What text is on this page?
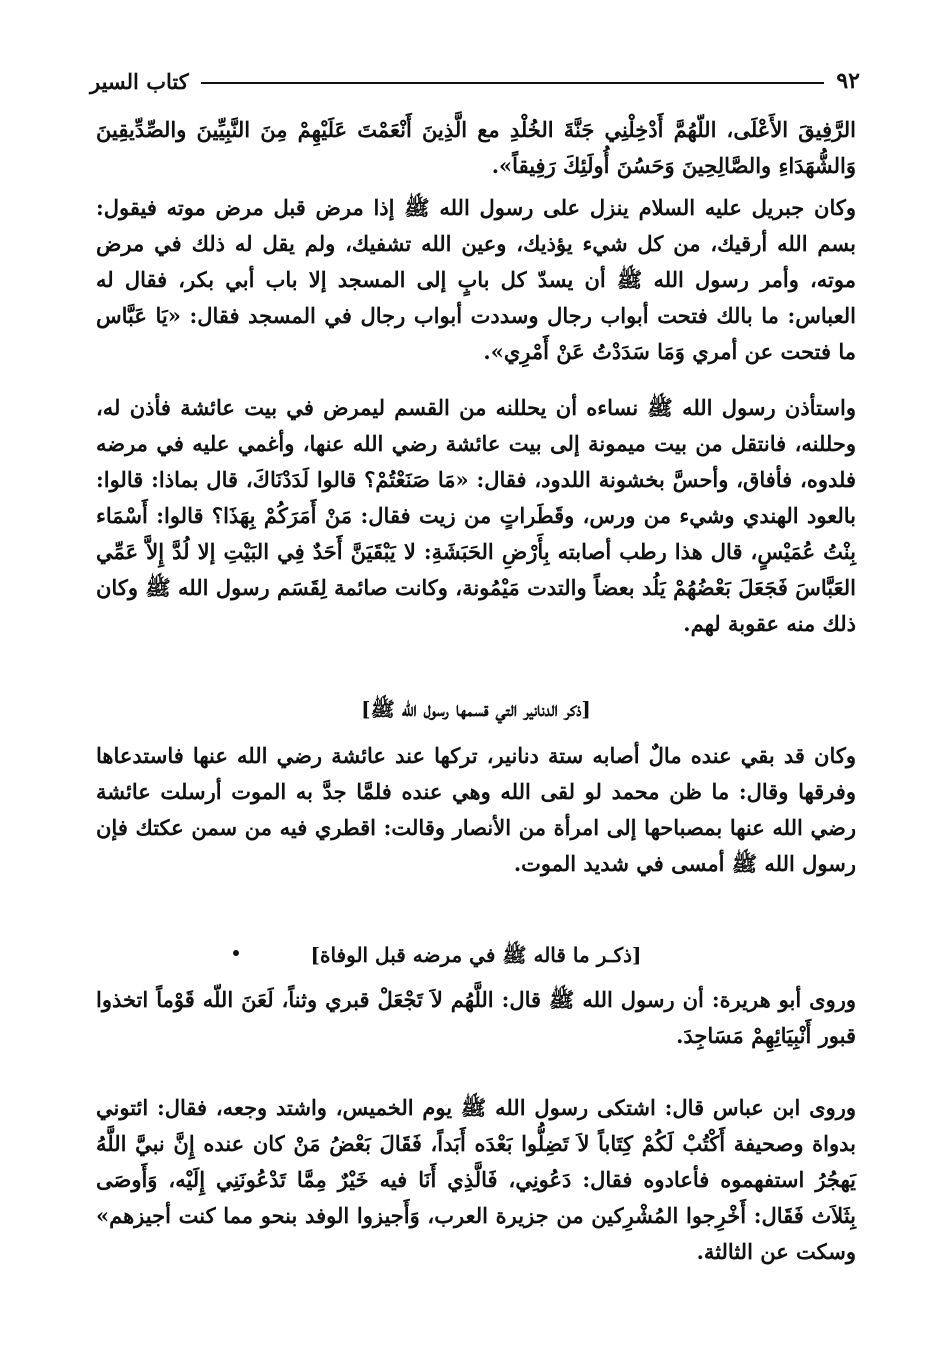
كتاب السير	٩٢

الرَّفِيقَ الأَعْلَى، اللّهُمَّ أَدْخِلْنِي جَنَّةَ الخُلْدِ مع الَّذِينَ أَنْعَمْتَ عَلَيْهِمْ مِنَ النَّبِيِّينَ والصِّدِّيقِينَ وَالشُّهَدَاءِ والصَّالِحِينَ وَحَسُنَ أُولَئِكَ رَفِيقاً».

وكان جبريل عليه السلام ينزل على رسول الله ﷺ إذا مرض قبل مرض موته فيقول: بسم الله أرقيك، من كل شيء يؤذيك، وعين الله تشفيك، ولم يقل له ذلك في مرض موته، وأمر رسول الله ﷺ أن يسدّ كل بابٍ إلى المسجد إلا باب أبي بكر، فقال له العباس: ما بالك فتحت أبواب رجال وسددت أبواب رجال في المسجد فقال: «يَا عَبَّاس ما فتحت عن أمري وَمَا سَدَدْتُ عَنْ أَمْرِي».

واستأذن رسول الله ﷺ نساءه أن يحللنه من القسم ليمرض في بيت عائشة فأذن له، وحللنه، فانتقل من بيت ميمونة إلى بيت عائشة رضي الله عنها، وأغمي عليه في مرضه فلدوه، فأفاق، وأحسَّ بخشونة اللدود، فقال: «مَا صَنَعْتُمْ؟ قالوا لَدَدْنَاكَ، قال بماذا: قالوا: بالعود الهندي وشيء من ورس، وقَطَراتٍ من زيت فقال: مَنْ أَمَرَكُمْ بِهَذَا؟ قالوا: أَسْمَاء بِنْتُ عُمَيْسٍ، قال هذا رطب أصابته بِأَرْضِ الحَبَشَةِ: لا يَبْقَيَنَّ أَحَدٌ فِي البَيْتِ إلا لُدَّ إِلاَّ عَمِّي العَبَّاسَ فَجَعَلَ بَعْضُهُمْ يَلُد بعضاً والتدت مَيْمُونة، وكانت صائمة لِقَسَم رسول الله ﷺ وكان ذلك منه عقوبة لهم.

[ذكر الدنانير التي قسمها رسول الله ﷺ]

وكان قد بقي عنده مالٌ أصابه ستة دنانير، تركها عند عائشة رضي الله عنها فاستدعاها وفرقها وقال: ما ظن محمد لو لقى الله وهي عنده فلمَّا جدَّ به الموت أرسلت عائشة رضي الله عنها بمصباحها إلى امرأة من الأنصار وقالت: اقطري فيه من سمن عكتك فإن رسول الله ﷺ أمسى في شديد الموت.

[ذكـر ما قاله ﷺ في مرضه قبل الوفاة]

وروى أبو هريرة: أن رسول الله ﷺ قال: اللَّهُم لاَ تَجْعَلْ قبري وثناً، لَعَنَ اللّه قَوْماً اتخذوا قبور أَنْبِيَائِهِمْ مَسَاجِدَ.

وروى ابن عباس قال: اشتكى رسول الله ﷺ يوم الخميس، واشتد وجعه، فقال: ائتوني بدواة وصحيفة أَكْتُبْ لَكُمْ كِتَاباً لاَ تَضِلُّوا بَعْدَه أَبَداً، فَقَالَ بَعْضُ مَنْ كان عنده إِنَّ نبيَّ اللَّهُ يَهجُرُ استفهموه فأعادوه فقال: دَعُونِي، فَالَّذِي أَنَا فيه خَيْرٌ مِمَّا تَدْعُونَنِي إِلَيْه، وَأَوصَى بِثَلاَث فَقَال: أَخْرِجوا المُشْرِكين من جزيرة العرب، وَأَجيزوا الوفد بنحو مما كنت أجيزهم» وسكت عن الثالثة.
